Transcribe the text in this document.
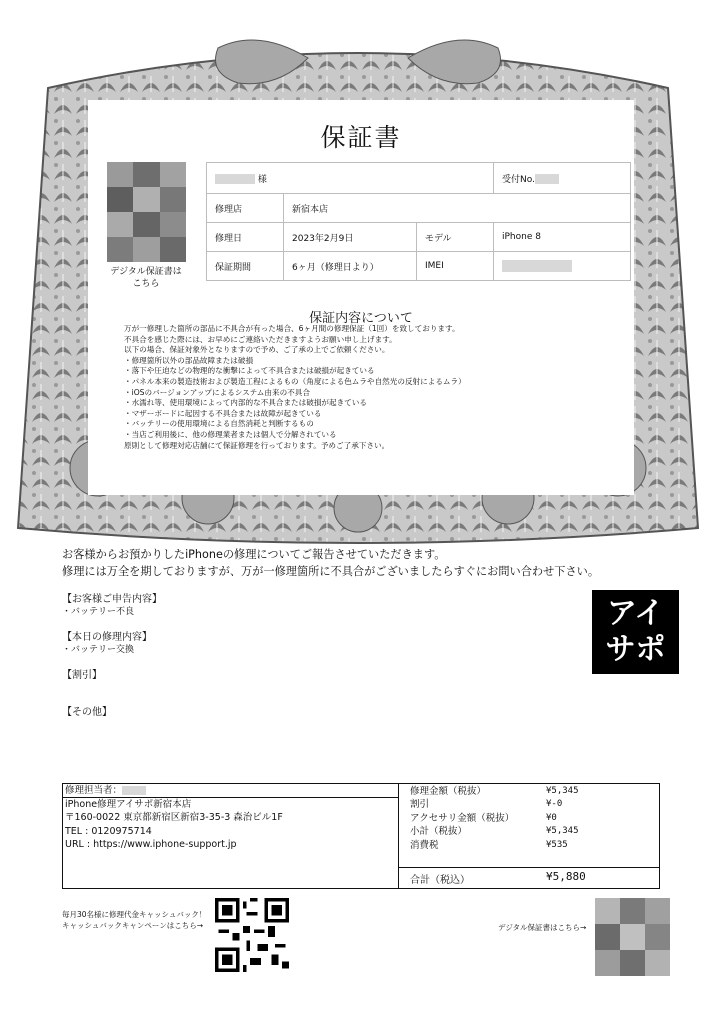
保証書
デジタル保証書は
こちら
様			受付No.
修理店	新宿本店		
修理日	2023年2月9日	モデル	iPhone 8
保証期間	6ヶ月（修理日より）	IMEI	
保証内容について
万が一修理した箇所の部品に不具合が有った場合、6ヶ月間の修理保証（1回）を致しております。
不具合を感じた際には、お早めにご連絡いただきますようお願い申し上げます。
以下の場合、保証対象外となりますので予め、ご了承の上でご依頼ください。
・修理箇所以外の部品故障または破損
・落下や圧迫などの物理的な衝撃によって不具合または破損が起きている
・パネル本来の製造技術および製造工程によるもの（角度による色ムラや自然光の反射によるムラ）
・iOSのバージョンアップによるシステム由来の不具合
・水濡れ等、使用環境によって内部的な不具合または破損が起きている
・マザーボードに起因する不具合または故障が起きている
・バッテリーの使用環境による自然消耗と判断するもの
・当店ご利用後に、他の修理業者または個人で分解されている
原則として修理対応店舗にて保証修理を行っております。予めご了承下さい。
お客様からお預かりしたiPhoneの修理についてご報告させていただきます。
修理には万全を期しておりますが、万が一修理箇所に不具合がございましたらすぐにお問い合わせ下さい。
【お客様ご申告内容】
・バッテリー不良
【本日の修理内容】
・バッテリー交換
【割引】
【その他】
アイ
サポ
修理担当者：
iPhone修理アイサポ新宿本店
〒160-0022 東京都新宿区新宿3-35-3 森治ビル1F
TEL : 0120975714
URL : https://www.iphone-support.jp
修理金額（税抜）	¥5,345
割引	¥-0
アクセサリ金額（税抜）	¥0
小計（税抜）	¥5,345
消費税	¥535
合計（税込）	¥5,880
毎月30名様に修理代金キャッシュバック！
キャッシュバックキャンペーンはこちら→	デジタル保証書はこちら→
